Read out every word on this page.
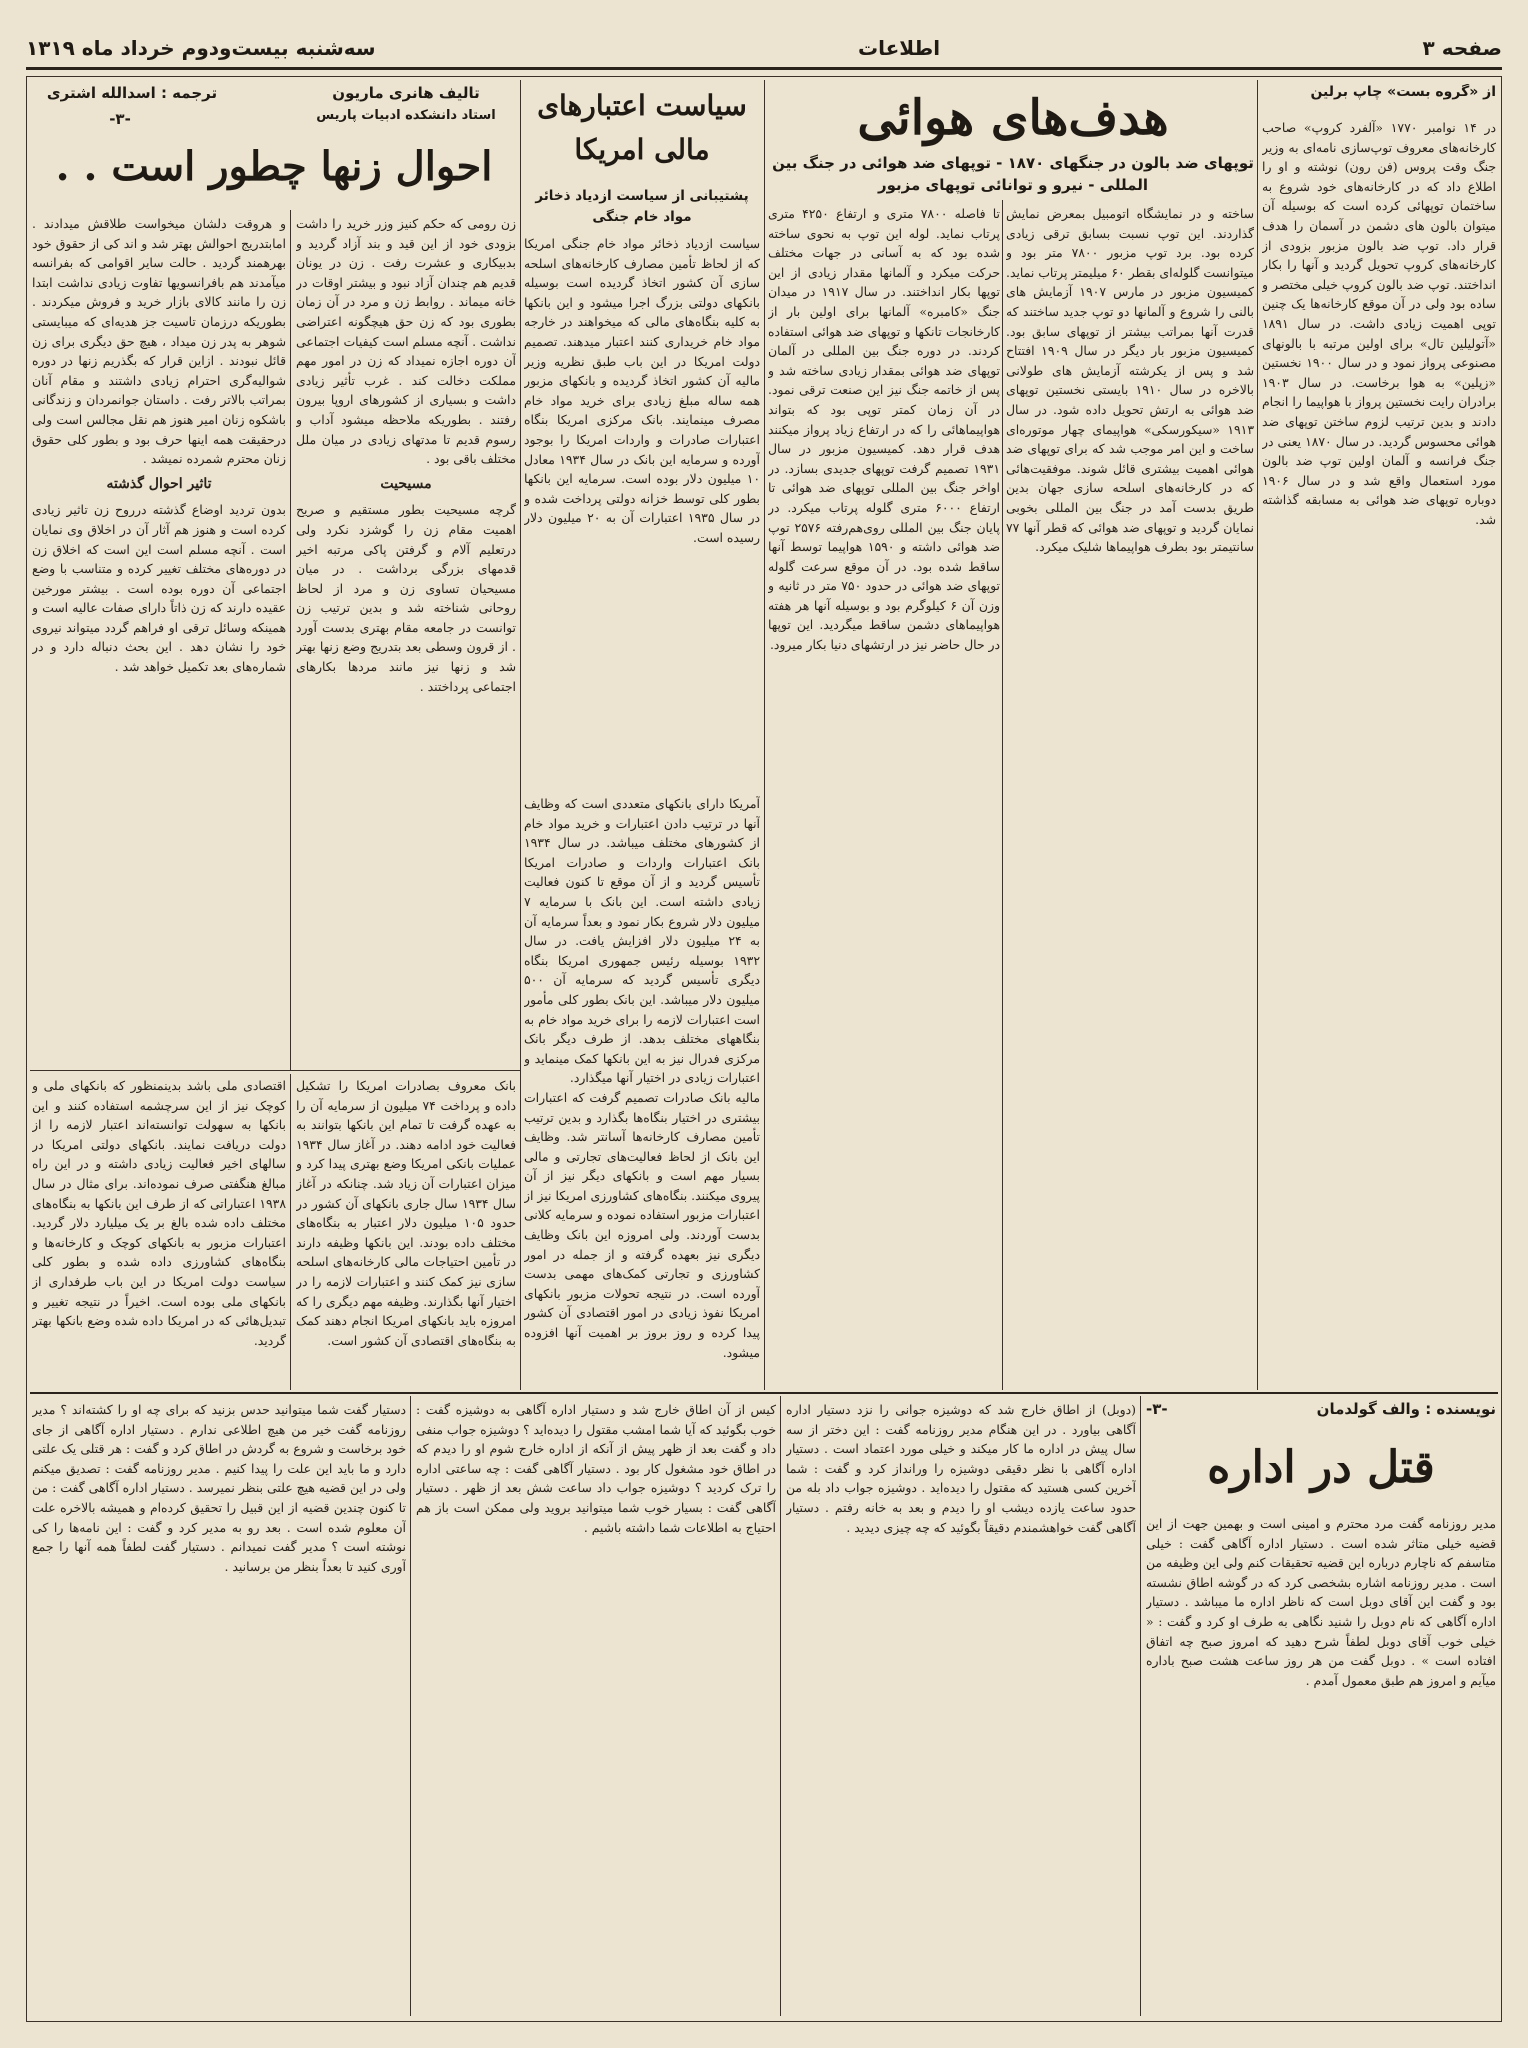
صفحه ۳
اطلاعات
سه‌شنبه بیست‌ودوم خرداد ماه ۱۳۱۹
از «گروه بست» چاپ برلین
هدف‌های هوائی
توپهای ضد بالون در جنگهای ۱۸۷۰ - توپهای ضد هوائی در جنگ بین المللی - نیرو و توانائی توپهای مزبور
در ۱۴ نوامبر ۱۷۷۰ «آلفرد کروپ» صاحب کارخانه‌های معروف توپ‌سازی نامه‌ای به وزیر جنگ وقت پروس (فن رون) نوشته و او را اطلاع داد که در کارخانه‌های خود شروع به ساختمان توپهائی کرده است که بوسیله آن میتوان بالون های دشمن در آسمان را هدف قرار داد. توپ ضد بالون مزبور بزودی از کارخانه‌های کروپ تحویل گردید و آنها را بکار انداختند. توپ ضد بالون کروپ خیلی مختصر و ساده بود ولی در آن موقع کارخانه‌ها یک چنین توپی اهمیت زیادی داشت. در سال ۱۸۹۱ «آتولیلین تال» برای اولین مرتبه با بالونهای مصنوعی پرواز نمود و در سال ۱۹۰۰ نخستین «زپلین» به هوا برخاست. در سال ۱۹۰۳ برادران رایت نخستین پرواز با هواپیما را انجام دادند و بدین ترتیب لزوم ساختن توپهای ضد هوائی محسوس گردید. در سال ۱۸۷۰ یعنی در جنگ فرانسه و آلمان اولین توپ ضد بالون مورد استعمال واقع شد و در سال ۱۹۰۶ دوباره توپهای ضد هوائی به مسابقه گذاشته شد.
ساخته و در نمایشگاه اتومبیل بمعرض نمایش گذاردند. این توپ نسبت بسابق ترقی زیادی کرده بود. برد توپ مزبور ۷۸۰۰ متر بود و میتوانست گلوله‌ای بقطر ۶۰ میلیمتر پرتاب نماید. کمیسیون مزبور در مارس ۱۹۰۷ آزمایش های بالنی را شروع و آلمانها دو توپ جدید ساختند که قدرت آنها بمراتب بیشتر از توپهای سابق بود. کمیسیون مزبور بار دیگر در سال ۱۹۰۹ افتتاح شد و پس از یکرشته آزمایش های طولانی بالاخره در سال ۱۹۱۰ بایستی نخستین توپهای ضد هوائی به ارتش تحویل داده شود. در سال ۱۹۱۳ «سیکورسکی» هواپیمای چهار موتوره‌ای ساخت و این امر موجب شد که برای توپهای ضد هوائی اهمیت بیشتری قائل شوند. موفقیت‌هائی که در کارخانه‌های اسلحه سازی جهان بدین طریق بدست آمد در جنگ بین المللی بخوبی نمایان گردید و توپهای ضد هوائی که قطر آنها ۷۷ سانتیمتر بود بطرف هواپیماها شلیک میکرد.
تا فاصله ۷۸۰۰ متری و ارتفاع ۴۲۵۰ متری پرتاب نماید. لوله این توپ به نحوی ساخته شده بود که به آسانی در جهات مختلف حرکت میکرد و آلمانها مقدار زیادی از این توپها بکار انداختند. در سال ۱۹۱۷ در میدان جنگ «کامبره» آلمانها برای اولین بار از کارخانجات تانکها و توپهای ضد هوائی استفاده کردند. در دوره جنگ بین المللی در آلمان توپهای ضد هوائی بمقدار زیادی ساخته شد و پس از خاتمه جنگ نیز این صنعت ترقی نمود. در آن زمان کمتر توپی بود که بتواند هواپیماهائی را که در ارتفاع زیاد پرواز میکنند هدف قرار دهد. کمیسیون مزبور در سال ۱۹۳۱ تصمیم گرفت توپهای جدیدی بسازد. در اواخر جنگ بین المللی توپهای ضد هوائی تا ارتفاع ۶۰۰۰ متری گلوله پرتاب میکرد. در پایان جنگ بین المللی روی‌هم‌رفته ۲۵۷۶ توپ ضد هوائی داشته و ۱۵۹۰ هواپیما توسط آنها ساقط شده بود. در آن موقع سرعت گلوله توپهای ضد هوائی در حدود ۷۵۰ متر در ثانیه و وزن آن ۶ کیلوگرم بود و بوسیله آنها هر هفته هواپیماهای دشمن ساقط میگردید. این توپها در حال حاضر نیز در ارتشهای دنیا بکار میرود.
سیاست اعتبارهای مالی امریکا
پشتیبانی از سیاست ازدیاد ذخائر مواد خام جنگی
سیاست ازدیاد ذخائر مواد خام جنگی امریکا که از لحاظ تأمین مصارف کارخانه‌های اسلحه سازی آن کشور اتخاذ گردیده است بوسیله بانکهای دولتی بزرگ اجرا میشود و این بانکها به کلیه بنگاه‌های مالی که میخواهند در خارجه مواد خام خریداری کنند اعتبار میدهند. تصمیم دولت امریکا در این باب طبق نظریه وزیر مالیه آن کشور اتخاذ گردیده و بانکهای مزبور همه ساله مبلغ زیادی برای خرید مواد خام مصرف مینمایند. بانک مرکزی امریکا بنگاه اعتبارات صادرات و واردات امریکا را بوجود آورده و سرمایه این بانک در سال ۱۹۳۴ معادل ۱۰ میلیون دلار بوده است. سرمایه این بانکها بطور کلی توسط خزانه دولتی پرداخت شده و در سال ۱۹۳۵ اعتبارات آن به ۲۰ میلیون دلار رسیده است.
آمریکا دارای بانکهای متعددی است که وظایف آنها در ترتیب دادن اعتبارات و خرید مواد خام از کشورهای مختلف میباشد. در سال ۱۹۳۴ بانک اعتبارات واردات و صادرات امریکا تأسیس گردید و از آن موقع تا کنون فعالیت زیادی داشته است. این بانک با سرمایه ۷ میلیون دلار شروع بکار نمود و بعداً سرمایه آن به ۲۴ میلیون دلار افزایش یافت. در سال ۱۹۳۲ بوسیله رئیس جمهوری امریکا بنگاه دیگری تأسیس گردید که سرمایه آن ۵۰۰ میلیون دلار میباشد. این بانک بطور کلی مأمور است اعتبارات لازمه را برای خرید مواد خام به بنگاههای مختلف بدهد. از طرف دیگر بانک مرکزی فدرال نیز به این بانکها کمک مینماید و اعتبارات زیادی در اختیار آنها میگذارد.
مالیه بانک صادرات تصمیم گرفت که اعتبارات بیشتری در اختیار بنگاه‌ها بگذارد و بدین ترتیب تأمین مصارف کارخانه‌ها آسانتر شد. وظایف این بانک از لحاظ فعالیت‌های تجارتی و مالی بسیار مهم است و بانکهای دیگر نیز از آن پیروی میکنند. بنگاه‌های کشاورزی امریکا نیز از اعتبارات مزبور استفاده نموده و سرمایه کلانی بدست آوردند. ولی امروزه این بانک وظایف دیگری نیز بعهده گرفته و از جمله در امور کشاورزی و تجارتی کمک‌های مهمی بدست آورده است. در نتیجه تحولات مزبور بانکهای امریکا نفوذ زیادی در امور اقتصادی آن کشور پیدا کرده و روز بروز بر اهمیت آنها افزوده میشود.
تالیف هانری ماریون
استاد دانشکده ادبیات پاریس
ترجمه : اسدالله اشتری
-۳-
احوال زنها چطور است . .
زن رومی که حکم کنیز وزر خرید را داشت بزودی خود از این قید و بند آزاد گردید و بدبیکاری و عشرت رفت . زن در یونان قدیم هم چندان آزاد نبود و بیشتر اوقات در خانه میماند . روابط زن و مرد در آن زمان بطوری بود که زن حق هیچگونه اعتراضی نداشت . آنچه مسلم است کیفیات اجتماعی آن دوره اجازه نمیداد که زن در امور مهم مملکت دخالت کند . غرب تأثیر زیادی داشت و بسیاری از کشورهای اروپا بیرون رفتند . بطوریکه ملاحظه میشود آداب و رسوم قدیم تا مدتهای زیادی در میان ملل مختلف باقی بود .
مسیحیت
گرچه مسیحیت بطور مستقیم و صریح اهمیت مقام زن را گوشزد نکرد ولی درتعلیم آلام و گرفتن پاکی مرتبه اخیر قدمهای بزرگی برداشت . در میان مسیحیان تساوی زن و مرد از لحاظ روحانی شناخته شد و بدین ترتیب زن توانست در جامعه مقام بهتری بدست آورد . از قرون وسطی بعد بتدریج وضع زنها بهتر شد و زنها نیز مانند مردها بکارهای اجتماعی پرداختند .
و هروقت دلشان میخواست طلاقش میدادند . امابتدریج احوالش بهتر شد و اند کی از حقوق خود بهرهمند گردید . حالت سایر اقوامی که بفرانسه میآمدند هم بافرانسویها تفاوت زیادی نداشت ابتدا زن را مانند کالای بازار خرید و فروش میکردند . بطوریکه درزمان تاسیت جز هدیه‌ای که میبایستی شوهر به پدر زن میداد ، هیچ حق دیگری برای زن قائل نبودند . ازاین قرار که بگذریم زنها در دوره شوالیه‌گری احترام زیادی داشتند و مقام آنان بمراتب بالاتر رفت . داستان جوانمردان و زندگانی باشکوه زنان امیر هنوز هم نقل مجالس است ولی درحقیقت همه اینها حرف بود و بطور کلی حقوق زنان محترم شمرده نمیشد .
تاثیر احوال گذشته
بدون تردید اوضاع گذشته درروح زن تاثیر زیادی کرده است و هنوز هم آثار آن در اخلاق وی نمایان است . آنچه مسلم است این است که اخلاق زن در دوره‌های مختلف تغییر کرده و متناسب با وضع اجتماعی آن دوره بوده است . بیشتر مورخین عقیده دارند که زن ذاتاً دارای صفات عالیه است و همینکه وسائل ترقی او فراهم گردد میتواند نیروی خود را نشان دهد . این بحث دنباله دارد و در شماره‌های بعد تکمیل خواهد شد .
بانک معروف بصادرات امریکا را تشکیل داده و پرداخت ۷۴ میلیون از سرمایه آن را به عهده گرفت تا تمام این بانکها بتوانند به فعالیت خود ادامه دهند. در آغاز سال ۱۹۳۴ عملیات بانکی امریکا وضع بهتری پیدا کرد و میزان اعتبارات آن زیاد شد. چنانکه در آغاز سال ۱۹۳۴ سال جاری بانکهای آن کشور در حدود ۱۰۵ میلیون دلار اعتبار به بنگاه‌های مختلف داده بودند. این بانکها وظیفه دارند در تأمین احتیاجات مالی کارخانه‌های اسلحه سازی نیز کمک کنند و اعتبارات لازمه را در اختیار آنها بگذارند. وظیفه مهم دیگری را که امروزه باید بانکهای امریکا انجام دهند کمک به بنگاه‌های اقتصادی آن کشور است.
اقتصادی ملی باشد بدینمنظور که بانکهای ملی و کوچک نیز از این سرچشمه استفاده کنند و این بانکها به سهولت توانسته‌اند اعتبار لازمه را از دولت دریافت نمایند. بانکهای دولتی امریکا در سالهای اخیر فعالیت زیادی داشته و در این راه مبالغ هنگفتی صرف نموده‌اند. برای مثال در سال ۱۹۳۸ اعتباراتی که از طرف این بانکها به بنگاه‌های مختلف داده شده بالغ بر یک میلیارد دلار گردید. اعتبارات مزبور به بانکهای کوچک و کارخانه‌ها و بنگاه‌های کشاورزی داده شده و بطور کلی سیاست دولت امریکا در این باب طرفداری از بانکهای ملی بوده است. اخیراً در نتیجه تغییر و تبدیل‌هائی که در امریکا داده شده وضع بانکها بهتر گردید.
نویسنده : والف گولدمان
-۳-
قتل در اداره
مدیر روزنامه گفت مرد محترم و امینی است و بهمین جهت از این قضیه خیلی متاثر شده است . دستیار اداره آگاهی گفت : خیلی متاسفم که ناچارم درباره این قضیه تحقیقات کنم ولی این وظیفه من است . مدیر روزنامه اشاره بشخصی کرد که در گوشه اطاق نشسته بود و گفت این آقای دوبل است که ناظر اداره ما میباشد . دستیار اداره آگاهی که نام دوبل را شنید نگاهی به طرف او کرد و گفت : « خیلی خوب آقای دوبل لطفاً شرح دهید که امروز صبح چه اتفاق افتاده است » . دوبل گفت من هر روز ساعت هشت صبح باداره میآیم و امروز هم طبق معمول آمدم .
(دوبل) از اطاق خارج شد که دوشیزه جوانی را نزد دستیار اداره آگاهی بیاورد . در این هنگام مدیر روزنامه گفت : این دختر از سه سال پیش در اداره ما کار میکند و خیلی مورد اعتماد است . دستیار اداره آگاهی با نظر دقیقی دوشیزه را ورانداز کرد و گفت : شما آخرین کسی هستید که مقتول را دیده‌اید . دوشیزه جواب داد بله من حدود ساعت یازده دیشب او را دیدم و بعد به خانه رفتم . دستیار آگاهی گفت خواهشمندم دقیقاً بگوئید که چه چیزی دیدید .
کیس از آن اطاق خارج شد و دستیار اداره آگاهی به دوشیزه گفت : خوب بگوئید که آیا شما امشب مقتول را دیده‌اید ؟ دوشیزه جواب منفی داد و گفت بعد از ظهر پیش از آنکه از اداره خارج شوم او را دیدم که در اطاق خود مشغول کار بود . دستیار آگاهی گفت : چه ساعتی اداره را ترک کردید ؟ دوشیزه جواب داد ساعت شش بعد از ظهر . دستیار آگاهی گفت : بسیار خوب شما میتوانید بروید ولی ممکن است باز هم احتیاج به اطلاعات شما داشته باشیم .
دستیار گفت شما میتوانید حدس بزنید که برای چه او را کشته‌اند ؟ مدیر روزنامه گفت خیر من هیچ اطلاعی ندارم . دستیار اداره آگاهی از جای خود برخاست و شروع به گردش در اطاق کرد و گفت : هر قتلی یک علتی دارد و ما باید این علت را پیدا کنیم . مدیر روزنامه گفت : تصدیق میکنم ولی در این قضیه هیچ علتی بنظر نمیرسد . دستیار اداره آگاهی گفت : من تا کنون چندین قضیه از این قبیل را تحقیق کرده‌ام و همیشه بالاخره علت آن معلوم شده است . بعد رو به مدیر کرد و گفت : این نامه‌ها را کی نوشته است ؟ مدیر گفت نمیدانم . دستیار گفت لطفاً همه آنها را جمع آوری کنید تا بعداً بنظر من برسانید .
